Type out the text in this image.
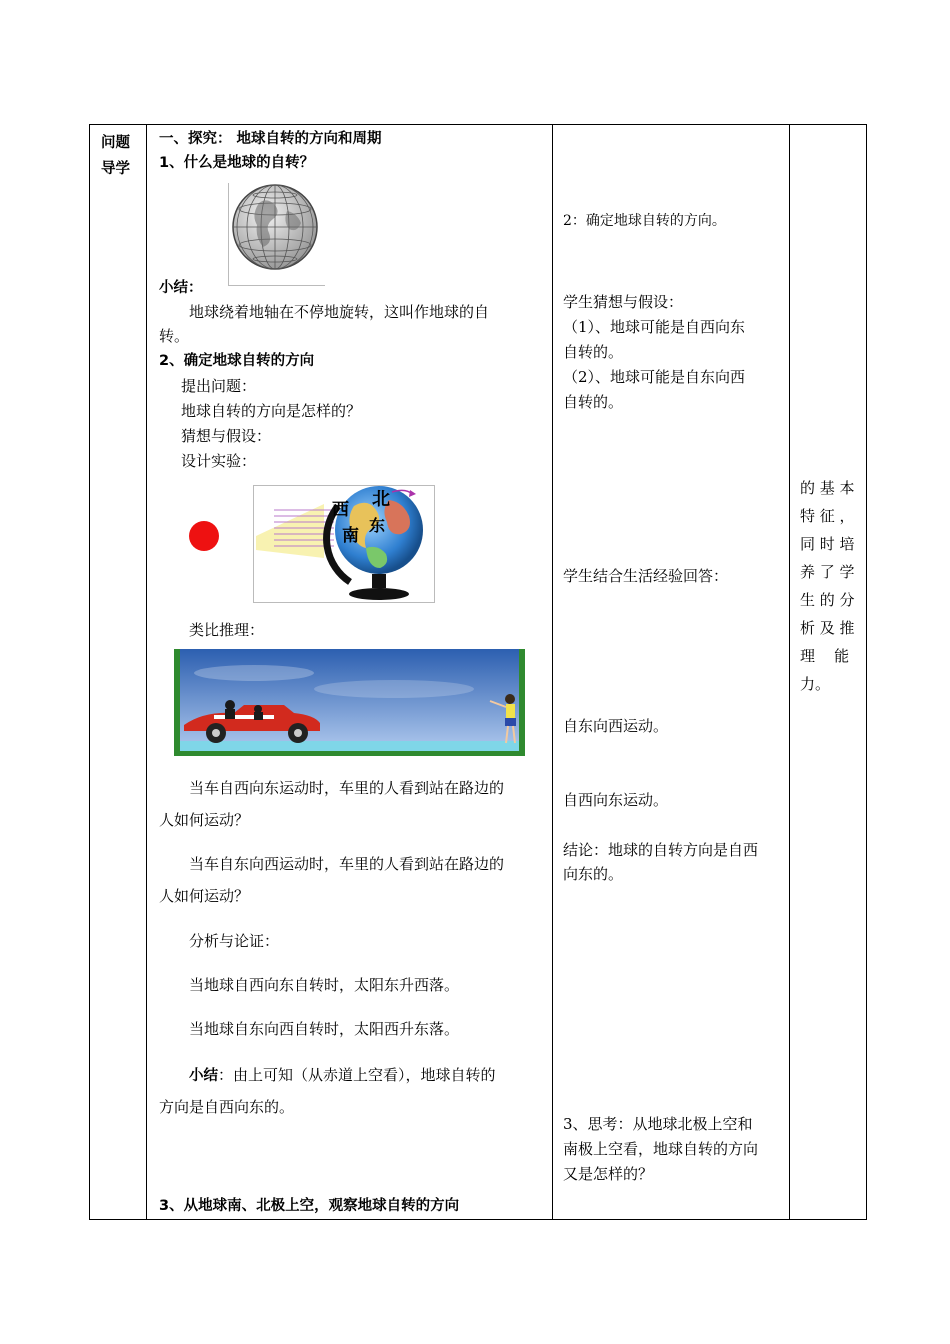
问题
导学
一、探究： 地球自转的方向和周期
1、什么是地球的自转？
小结：
地球绕着地轴在不停地旋转，这叫作地球的自
转。
2、确定地球自转的方向
提出问题：
地球自转的方向是怎样的？
猜想与假设：
设计实验：
北
西
东
南
类比推理：
当车自西向东运动时，车里的人看到站在路边的
人如何运动？
当车自东向西运动时，车里的人看到站在路边的
人如何运动？
分析与论证：
当地球自西向东自转时，太阳东升西落。
当地球自东向西自转时，太阳西升东落。
小结：由上可知（从赤道上空看），地球自转的
方向是自西向东的。
3、从地球南、北极上空，观察地球自转的方向
2：确定地球自转的方向。
学生猜想与假设：
（1）、地球可能是自西向东
自转的。
（2）、地球可能是自东向西
自转的。
学生结合生活经验回答：
自东向西运动。
自西向东运动。
结论：地球的自转方向是自西
向东的。
3、思考：从地球北极上空和
南极上空看，地球自转的方向
又是怎样的？
的 基 本
特 征 ，
同 时 培
养 了 学
生 的 分
析 及 推
理    能
力。
